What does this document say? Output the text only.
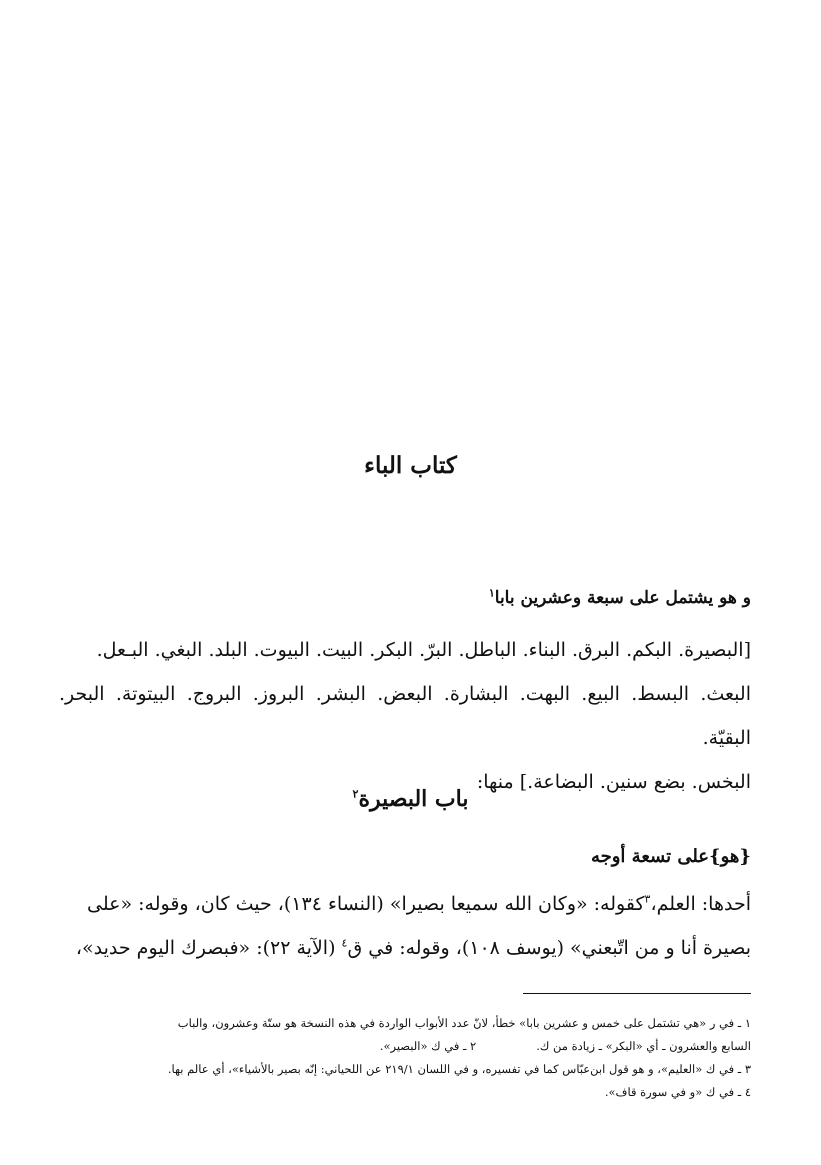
كتاب الباء
و هو يشتمل على سبعة وعشرين بابا$^١$
[البصيرة. البكم. البرق. البناء. الباطل. البرّ. البكر. البيت. البيوت. البلد. البغي. البـعل.
البعث. البسط. البيع. البهت. البشارة. البعض. البشر. البروز. البروج. البيتوتة. البحر. البقيّة.
البخس. بضع سنين. البضاعة.] منها:
باب البصيرة$^٢$
{هو}على تسعة أوجه

أحدها: العلم،$^٣$كقوله: «وكان الله سميعا بصيرا» (النساء ١٣٤)، حيث كان، وقوله: «على

بصيرة أنا و من اتّبعني» (يوسف ١٠٨)، وقوله: في ق$^٤$ (الآية ٢٢): «فبصرك اليوم حديد»،

١ ـ في ر «هي تشتمل على خمس و عشرين بابا» خطأ، لانّ عدد الأبواب الواردة في هذه النسخة هو ستّة وعشرون، والباب
السابع والعشرون ـ أي «البكر» ـ زيادة من ك.٢ ـ في ك «البصير».
٣ ـ في ك «العليم»، و هو قول ابن‌عبّاس كما في تفسيره، و في اللسان ٢١٩/١ عن اللحياني: إنّه بصير بالأشياء»، أي عالم بها.
٤ ـ في ك «و في سورة قاف».
